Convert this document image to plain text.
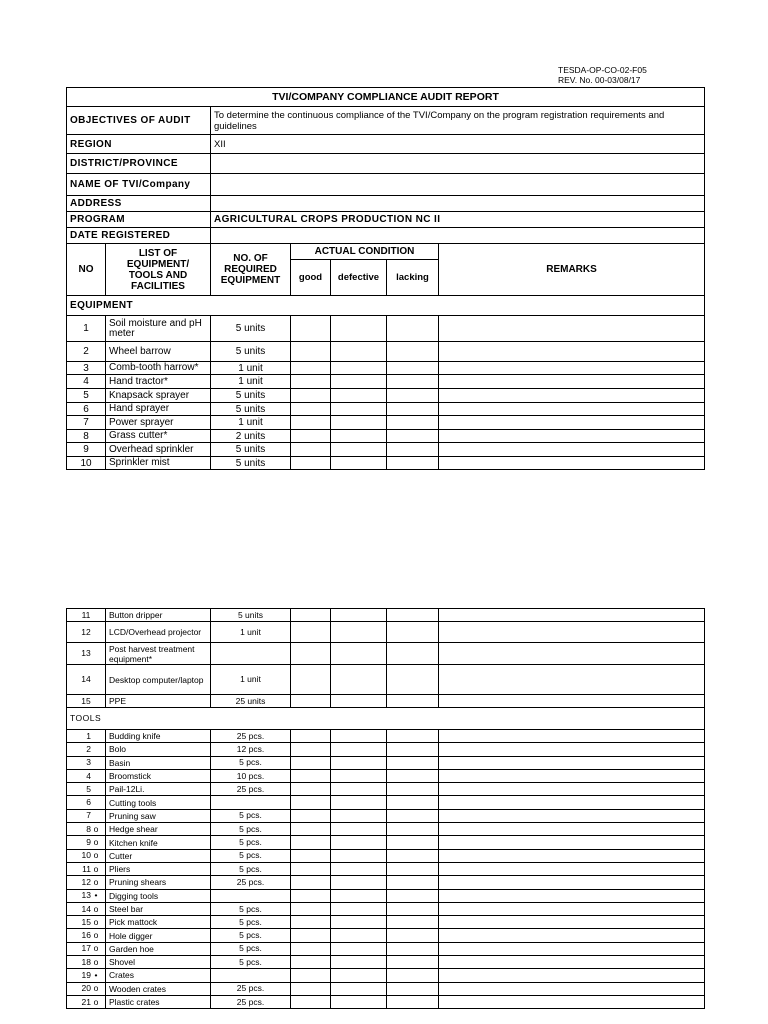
TESDA-OP-CO-02-F05
REV. No. 00-03/08/17
TVI/COMPANY COMPLIANCE AUDIT REPORT						
OBJECTIVES OF AUDIT		To determine the continuous compliance of the TVI/Company on the program registration requirements and guidelines				
REGION		XII				
DISTRICT/PROVINCE						
NAME OF TVI/Company						
ADDRESS						
PROGRAM		AGRICULTURAL CROPS PRODUCTION NC II				
DATE REGISTERED						
NO	LIST OF EQUIPMENT/ TOOLS AND FACILITIES	NO. OF REQUIRED EQUIPMENT	ACTUAL CONDITION			REMARKS
			good	defective	lacking	
EQUIPMENT						
1	Soil moisture and pH meter	5 units				
2	Wheel barrow	5 units				
3	Comb-tooth harrow*	1 unit				
4	Hand tractor*	1 unit				
5	Knapsack sprayer	5 units				
6	Hand sprayer	5 units				
7	Power sprayer	1 unit				
8	Grass cutter*	2 units				
9	Overhead sprinkler	5 units				
10	Sprinkler mist	5 units				
11	Button dripper	5 units				
12	LCD/Overhead projector	1 unit				
13	Post harvest treatment equipment*					
14	Desktop computer/laptop	1 unit				
15	PPE	25 units				
TOOLS						
1	Budding knife	25 pcs.				
2	Bolo	12 pcs.				
3	Basin	5 pcs.				
4	Broomstick	10 pcs.				
5	Pail-12Li.	25 pcs.				
6	Cutting tools					
7	Pruning saw	5 pcs.				
8 o	Hedge shear	5 pcs.				
9 o	Kitchen knife	5 pcs.				
10 o	Cutter	5 pcs.				
11 o	Pliers	5 pcs.				
12 o	Pruning shears	25 pcs.				
13 •	Digging tools					
14 o	Steel bar	5 pcs.				
15 o	Pick mattock	5 pcs.				
16 o	Hole digger	5 pcs.				
17 o	Garden hoe	5 pcs.				
18 o	Shovel	5 pcs.				
19 •	Crates					
20 o	Wooden crates	25 pcs.				
21 o	Plastic crates	25 pcs.				
